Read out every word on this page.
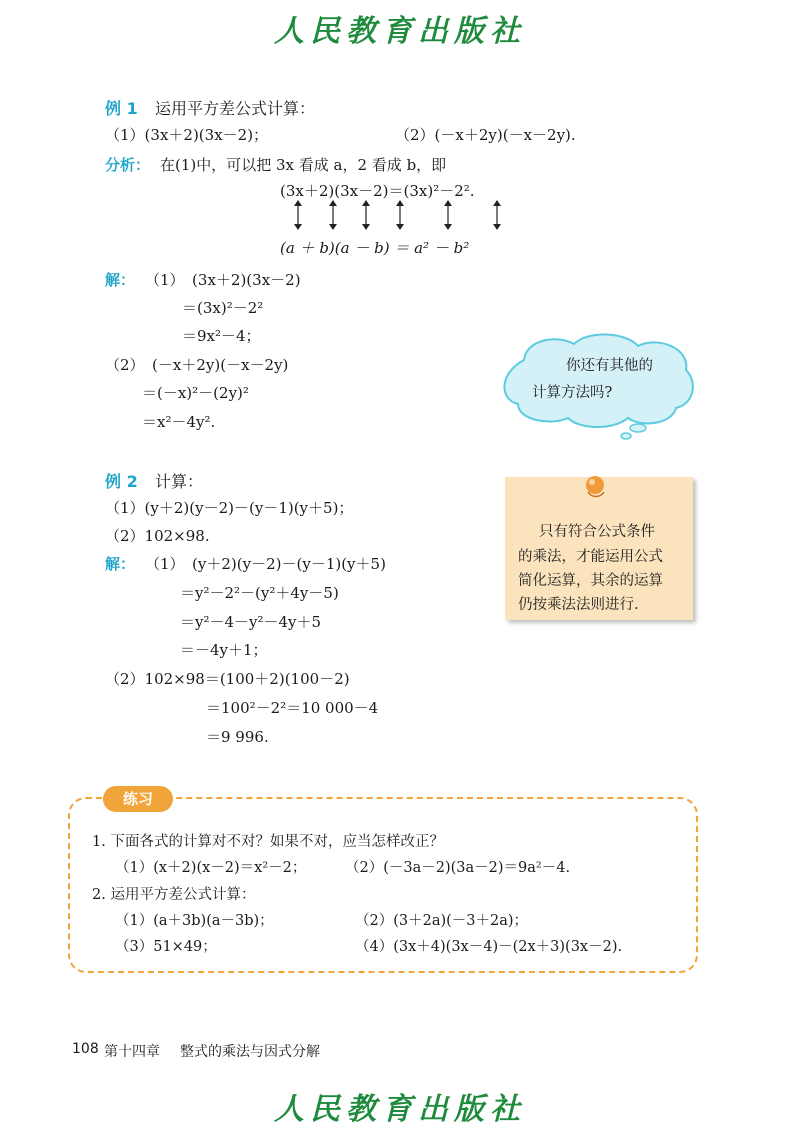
人民教育出版社
例 1 运用平方差公式计算：
（1）(3x＋2)(3x－2)；	（2）(－x＋2y)(－x－2y).
分析： 在(1)中，可以把 3x 看成 a，2 看成 b，即
(3x＋2)(3x－2)＝(3x)²－2².
(a ＋ b)(a － b) ＝ a² － b²
解： （1）　(3x＋2)(3x－2)
＝(3x)²－2²
＝9x²－4；
（2）　(－x＋2y)(－x－2y)
＝(－x)²－(2y)²
＝x²－4y².
你还有其他的
计算方法吗?
例 2 计算：
（1）(y＋2)(y－2)－(y－1)(y＋5)；
（2）102×98.
解： （1）　(y＋2)(y－2)－(y－1)(y＋5)
＝y²－2²－(y²＋4y－5)
＝y²－4－y²－4y＋5
＝－4y＋1；
（2）102×98＝(100＋2)(100－2)
＝100²－2²＝10 000－4
＝9 996.
只有符合公式条件
的乘法，才能运用公式
简化运算，其余的运算
仍按乘法法则进行.
练习
1. 下面各式的计算对不对？如果不对，应当怎样改正？
（1）(x＋2)(x－2)＝x²－2；	（2）(－3a－2)(3a－2)＝9a²－4.
2. 运用平方差公式计算：
（1）(a＋3b)(a－3b)；	（2）(3＋2a)(－3＋2a)；
（3）51×49；	（4）(3x＋4)(3x－4)－(2x＋3)(3x－2).
108 第十四章 整式的乘法与因式分解
人民教育出版社
